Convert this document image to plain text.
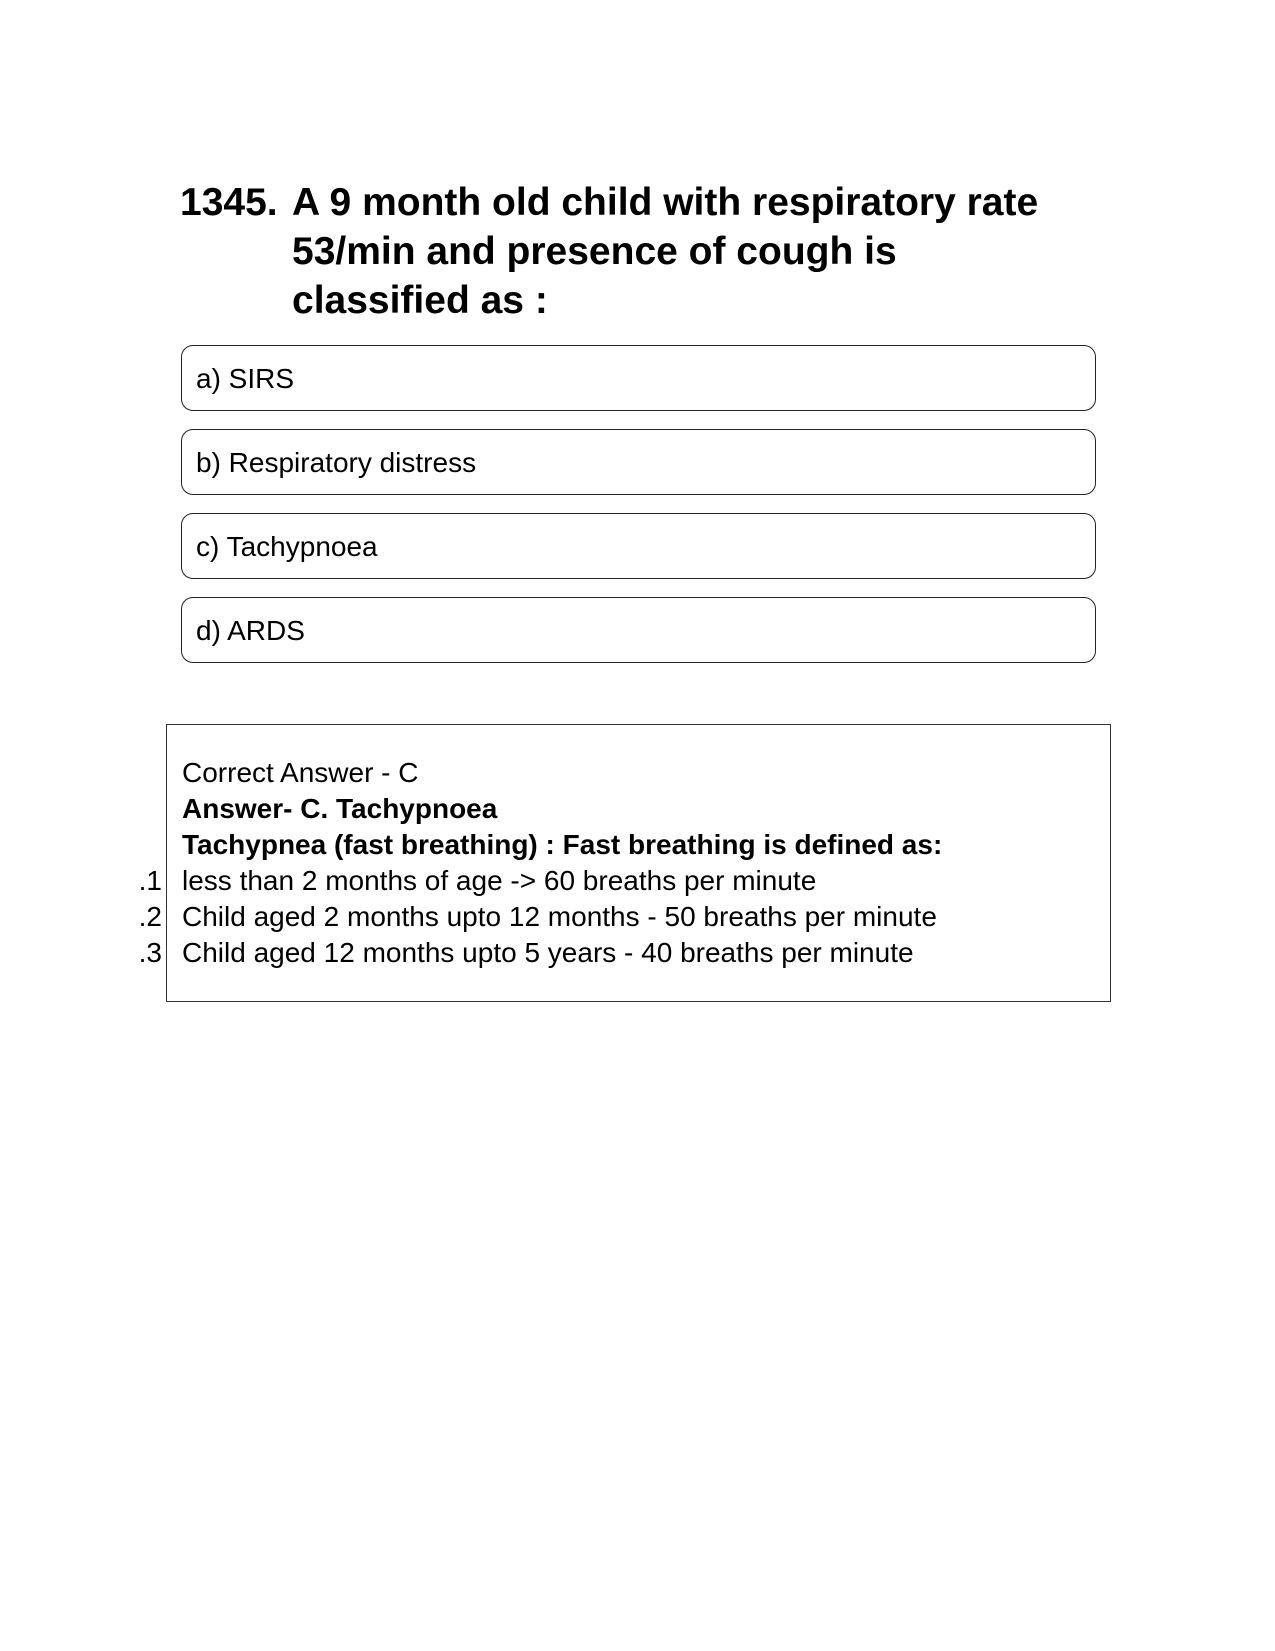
1345. A 9 month old child with respiratory rate 53/min and presence of cough is classified as :
a) SIRS
b) Respiratory distress
c) Tachypnoea
d) ARDS
Correct Answer - C
Answer- C. Tachypnoea
Tachypnea (fast breathing) : Fast breathing is defined as:
1. less than 2 months of age -> 60 breaths per minute
2. Child aged 2 months upto 12 months - 50 breaths per minute
3. Child aged 12 months upto 5 years - 40 breaths per minute
